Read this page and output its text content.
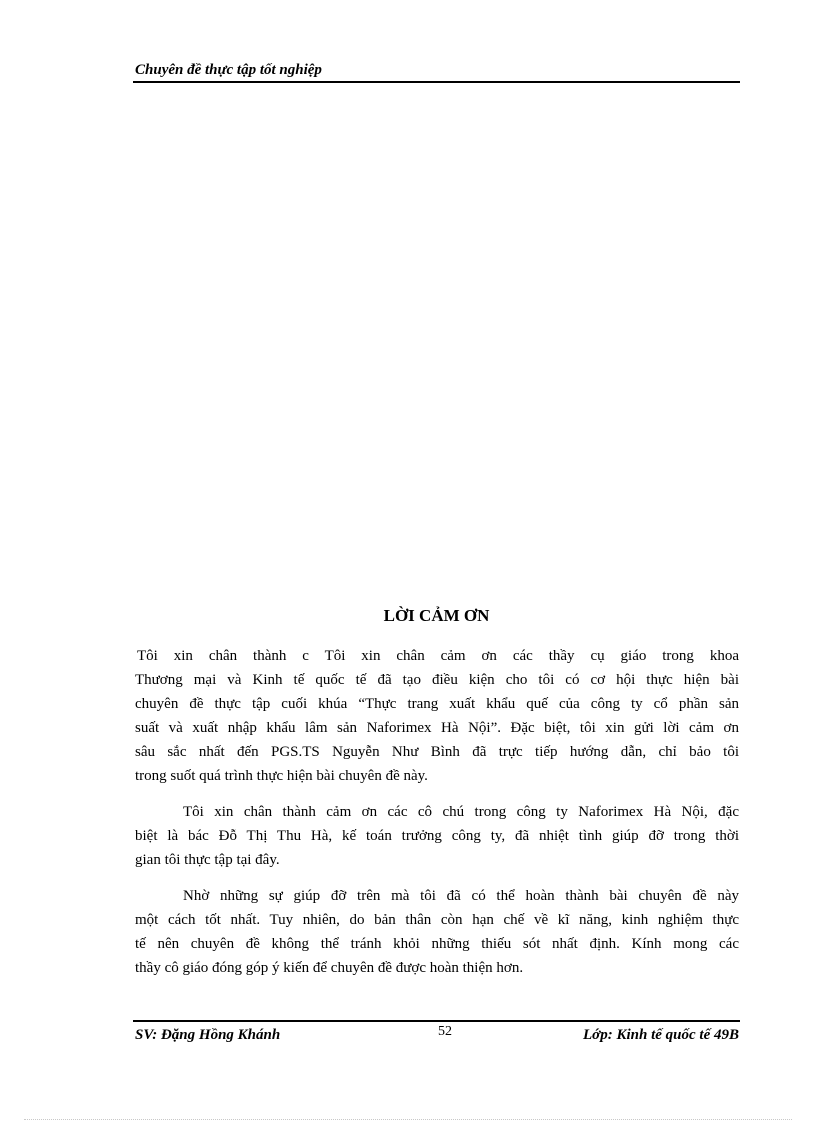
Chuyên đề thực tập tốt nghiệp
LỜI CẢM ƠN
Tôi xin chân thành c Tôi xin chân cảm ơn các thầy cụ giáo trong khoa
Thương mại và Kinh tế quốc tế đã tạo điều kiện cho tôi có cơ hội thực hiện bài
chuyên đề thực tập cuối khúa “Thực trang xuất khẩu quế của công ty cổ phần sản
suất và xuất nhập khẩu lâm sản Naforimex Hà Nội”. Đặc biệt, tôi xin gửi lời cảm ơn
sâu sắc nhất đến PGS.TS Nguyễn Như Bình đã trực tiếp hướng dẫn, chỉ bảo tôi
trong suốt quá trình thực hiện bài chuyên đề này.
Tôi xin chân thành cảm ơn các cô chú trong công ty Naforimex Hà Nội, đặc
biệt là bác Đỗ Thị Thu Hà, kế toán trưởng công ty, đã nhiệt tình giúp đỡ trong thời
gian tôi thực tập tại đây.
Nhờ những sự giúp đỡ trên mà tôi đã có thể hoàn thành bài chuyên đề này
một cách tốt nhất. Tuy nhiên, do bản thân còn hạn chế về kĩ năng, kinh nghiệm thực
tế nên chuyên đề không thể tránh khỏi những thiếu sót nhất định. Kính mong các
thầy cô giáo đóng góp ý kiến để chuyên đề được hoàn thiện hơn.
SV: Đặng Hồng Khánh	52	Lớp: Kinh tế quốc tế 49B
